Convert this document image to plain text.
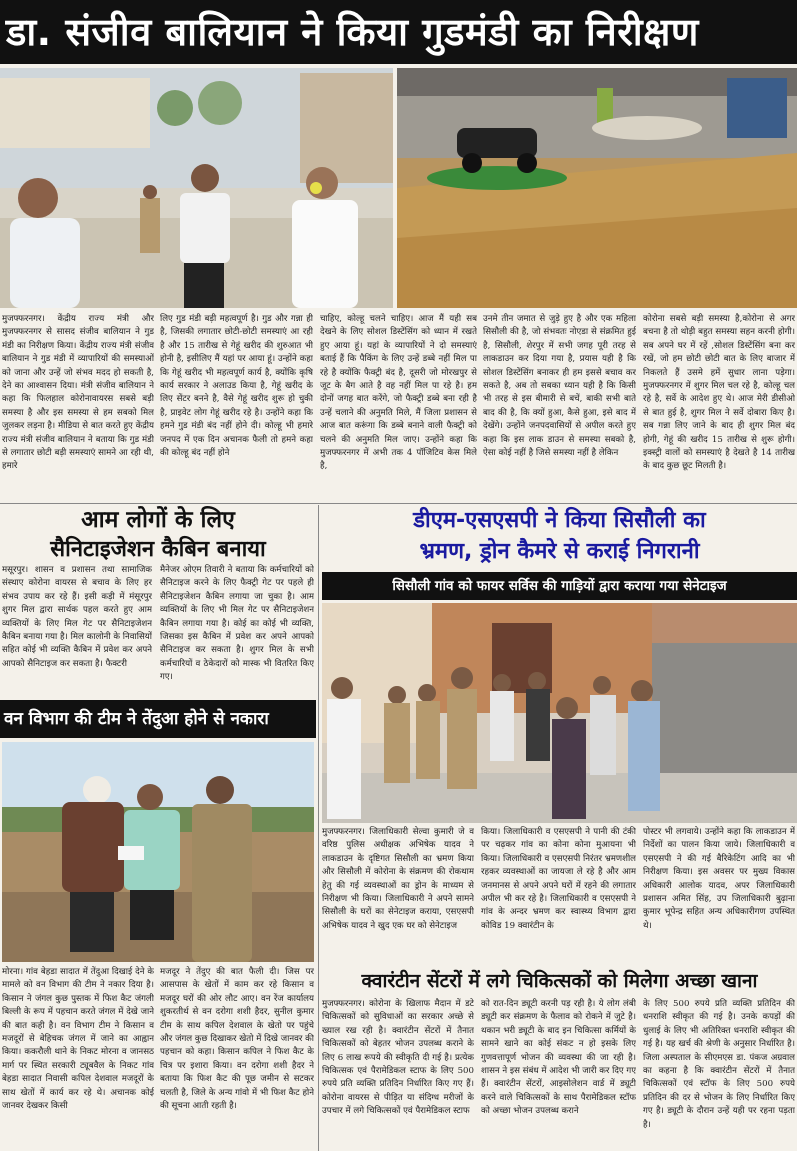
डा. संजीव बालियान ने किया गुडमंडी का निरीक्षण
मुजफ्फरनगर। केंद्रीय राज्य मंत्री और मुजफ्फरनगर से सासद संजीव बालियान ने गुड मंडी का निरीक्षण किया। केंद्रीय राज्य मंत्री संजीव बालियान ने गुड मंडी में व्यापारियों की समस्याओं को जाना और उन्हें जो संभव मदद हो सकती है, देने का आश्वासन दिया। मंत्री संजीव बालियान ने कहा कि फिलहाल कोरोनावायरस सबसे बड़ी समस्या है और इस समस्या से हम सबको मिल जुलकर लड़ना है। मीडिया से बात करते हुए केंद्रीय राज्य मंत्री संजीव बालियान ने बताया कि गुड मंडी से लगातार छोटी बड़ी समस्याएं सामने आ रही थी, हमारे
लिए गुड मंडी बड़ी महत्वपूर्ण है। गुड और गन्ना ही है, जिसकी लगातार छोटी-छोटी समस्याएं आ रही है और 15 तारीख से गेहूं खरीद की शुरुआत भी होनी है, इसीलिए मैं यहां पर आया हूं। उन्होंने कहा कि गेहूं खरीद भी महत्वपूर्ण कार्य है, क्योंकि कृषि कार्य सरकार ने अलाउड किया है, गेहूं खरीद के लिए सेंटर बनने है, वैसे गेहूं खरीद शुरू हो चुकी है, प्राइवेट लोग गेहूं खरीद रहे है। उन्होंने कहा कि हमने गुड मंडी बंद नहीं होने दी। कोल्हू भी हमारे जनपद में एक दिन अचानक फैली तो हमने कहा की कोल्हू बंद नहीं होने
चाहिए, कोल्हू चलने चाहिए। आज मैं यही सब देखने के लिए सोशल डिस्टेंसिंग को ध्यान में रखते हुए आया हूं। यहां के व्यापारियों ने दो समस्याएं बताई हैं कि पैकिंग के लिए उन्हें डब्बे नहीं मिल पा रहे है क्योंकि फैक्ट्री बंद है, दूसरी जो मोरखपुर से जूट के बैग आते है वह नहीं मिल पा रहे है। हम दोनों जगह बात करेंगे, जो फैक्ट्री डब्बे बना रही है उन्हें चलाने की अनुमति मिले, मैं जिला प्रशासन से आज बात करूंगा कि डब्बे बनाने वाली फैक्ट्री को चलने की अनुमति मिल जाए। उन्होंने कहा कि मुजफ्फरनगर में अभी तक 4 पॉजिटिव केस मिले है,
उनमे तीन जमात से जुड़े हुए है और एक महिला सिसौली की है, जो संभवतः नोएडा से संक्रमित हुई है, सिसौली, शेरपुर में सभी जगह पूरी तरह से लाकडाउन कर दिया गया है, प्रयास यही है कि सोशल डिस्टेंसिंग बनाकर ही हम इससे बचाव कर सकते है, अब तो सबका ध्यान यही है कि किसी भी तरह से इस बीमारी से बचें, बाकी सभी बाते बाद की है, कि क्यों हुआ, कैसे हुआ, इसे बाद में देखेंगे। उन्होंने जनपदवासियों से अपील करते हुए कहा कि इस लाक डाउन से समस्या सबको है, ऐसा कोई नहीं है जिसे समस्या नहीं है लेकिन
कोरोना सबसे बड़ी समस्या है,कोरोना से अगर बचना है तो थोड़ी बहुत समस्या सहन करनी होगी। सब अपने घर में रहें ,सोशल डिस्टेंसिंग बना कर रखें, जो हम छोटी छोटी बात के लिए बाजार में निकलते हैं उसमे हमें सुधार लाना पड़ेगा। मुजफ्फरनगर में शुगर मिल चल रहे है, कोल्हू चल रहे है, सर्वे के आदेश हुए थे। आज मेरी डीसीओ से बात हुई है, शुगर मिल ने सर्वे दोबारा किए है। सब गन्ना लिए जाने के बाद ही शुगर मिल बंद होगी, गेहूं की खरीद 15 तारीख से शुरू होगी। इक्स्ट्री वालों को समस्याएं है देखते है 14 तारीख के बाद कुछ छूट मिलती है।
आम लोगों के लिए
सैनिटाइजेशन कैबिन बनाया
मसूरपुर। शासन व प्रशासन तथा सामाजिक संस्थाए कोरोना वायरस से बचाव के लिए हर संभव उपाय कर रहे हैं। इसी कड़ी में मंसूरपुर शुगर मिल द्वारा सार्थक पहल करते हुए आम व्यक्तियों के लिए मिल गेट पर सैनिटाइजेशन कैबिन बनाया गया है। मिल कालोनी के निवासियों सहित कोई भी व्यक्ति कैबिन में प्रवेश कर अपने आपको सैनिटाइज कर सकता है। फैक्टरी
मैनेजर ओएम तिवारी ने बताया कि कर्मचारियों को सैनिटाइज करने के लिए फैक्ट्री गेट पर पहले ही सैनिटाइजेशन कैबिन लगाया जा चुका है। आम व्यक्तियों के लिए भी मिल गेट पर सैनिटाइजेशन कैबिन लगाया गया है। कोई का कोई भी व्यक्ति, जिसका इस कैबिन में प्रवेश कर अपने आपको सैनिटाइज कर सकता है। शुगर मिल के सभी कर्मचारियों व ठेकेदारों को मास्क भी वितरित किए गए।
डीएम-एसएसपी ने किया सिसौली का
भ्रमण, ड्रोन कैमरे से कराई निगरानी
सिसौली गांव को फायर सर्विस की गाड़ियों द्वारा कराया गया सेनेटाइज
वन विभाग की टीम ने तेंदुआ होने से नकारा
मोरना। गांव बेहडा सादात में तेंदुआ दिखाई देने के मामले को वन विभाग की टीम ने नकार दिया है। किसान ने जंगल कुछ पुस्तक में फिश कैट जंगली बिल्ली के रूप में पहचान करते जंगल में देखे जाने की बात कही है। वन विभाग टीम ने किसान व मजदूरों से बेहिचक जंगल में जाने का आह्वान किया। ककरौली थाने के निकट मोरना व जानसठ मार्ग पर स्थित सरकारी ट्यूबवैल के निकट गांव बेहडा सादात निवासी कपिल देशवाल मजदूरों के साथ खेतों में कार्य कर रहे थे। अचानक कोई जानवर देखकर किसी
मजदूर ने तेंदुए की बात फैली दी। जिस पर आसपास के खेतों में काम कर रहे किसान व मजदूर घरों की ओर लौट आए। वन रेंज कार्यालय शुकरतीर्थ से वन दरोगा शशी हैदर, सुनील कुमार टीम के साथ कपिल देशवाल के खेतो पर पहुंचे और जंगल कुछ दिखाकर खेतो में दिखे जानवर की पहचान को कहा। किसान कपिल ने फिश कैट के चित्र पर इशारा किया। वन दरोगा शशी हैदर ने बताया कि फिश कैट की पूछ जमीन से सटकर चलती है, जिले के अन्य गांवो में भी फिश कैट होने की सूचना आती रहती है।
मुजफ्फरनगर। जिलाधिकारी सेल्वा कुमारी जे व वरिष्ठ पुलिस अधीक्षक अभिषेक यादव ने लाकडाउन के दृष्टिगत सिसौली का भ्रमण किया और सिसौली में कोरोना के संक्रमण की रोकथाम हेतु की गई व्यवस्थाओं का ड्रोन के माध्यम से निरीक्षण भी किया। जिलाधिकारी ने अपने सामने सिसौली के घरों का सेनेटाइज कराया, एसएसपी अभिषेक यादव ने खुद एक घर को सेनेटाइज
किया। जिलाधिकारी व एसएसपी ने पानी की टंकी पर चढ़कर गांव का कोना कोना मुआयना भी किया। जिलाधिकारी व एसएसपी निरंतर भ्रमणशील रहकर व्यवस्थाओं का जायजा ले रहे है और आम जनमानस से अपने अपने घरों में रहने की लगातार अपील भी कर रहे है। जिलाधिकारी व एसएसपी ने गांव के अन्दर भ्रमण कर स्वास्थ्य विभाग द्वारा कोविड 19 क्वारंटीन के
पोस्टर भी लगवाये। उन्होंने कहा कि लाकडाउन में निर्देशों का पालन किया जाये। जिलाधिकारी व एसएसपी ने की गई बैरिकेटिंग आदि का भी निरीक्षण किया। इस अवसर पर मुख्य विकास अधिकारी आलोक यादव, अपर जिलाधिकारी प्रशासन अमित सिंह, उप जिलाधिकारी बुढ़ाना कुमार भूपेन्द्र सहित अन्य अधिकारीगण उपस्थित थे।
क्वारंटीन सेंटरों में लगे चिकित्सकों को मिलेगा अच्छा खाना
मुजफ्फरनगर। कोरोना के खिलाफ मैदान में डटे चिकित्सकों को सुविधाओं का सरकार अच्छे से ख्याल रख रही है। क्वारंटीन सेंटरों में तैनात चिकित्सकों को बेहतर भोजन उपलब्ध कराने के लिए 6 लाख रूपये की स्वीकृति दी गई है। प्रत्येक चिकित्सक एवं पैरामेडिकल स्टाफ के लिए 500 रुपये प्रति व्यक्ति प्रतिदिन निर्धारित किए गए हैं। कोरोना वायरस से पीड़ित या संदिग्ध मरीजों के उपचार में लगे चिकित्सकों एवं पैरामेडिकल स्टाफ
को रात-दिन ड्यूटी करनी पड़ रही है। ये लोग लंबी ड्यूटी कर संक्रमण के फैलाव को रोकने में जुटे है। थकान भरी ड्यूटी के बाद इन चिकित्सा कर्मियों के सामने खाने का कोई संकट न हो इसके लिए गुणवत्तापूर्ण भोजन की व्यवस्था की जा रही है। शासन ने इस संबंध में आदेश भी जारी कर दिए गए हैं। क्वारंटीन सेंटरों, आइसोलेशन वार्ड में ड्यूटी करने वाले चिकित्सकों के साथ पैरामेडिकल स्टॉफ को अच्छा भोजन उपलब्ध कराने
के लिए 500 रुपये प्रति व्यक्ति प्रतिदिन की धनराशि स्वीकृत की गई है। उनके कपड़ों की धुलाई के लिए भी अतिरिक्त धनराशि स्वीकृत की गई है। यह खर्च की श्रेणी के अनुसार निर्धारित है। जिला अस्पताल के सीएमएस डा. पंकज अग्रवाल का कहना है कि क्वारंटीन सेंटरों में तैनात चिकित्सकों एवं स्टॉफ के लिए 500 रुपये प्रतिदिन की दर से भोजन के लिए निर्धारित किए गए है। ड्यूटी के दौरान उन्हें यही पर रहना पड़ता है।
